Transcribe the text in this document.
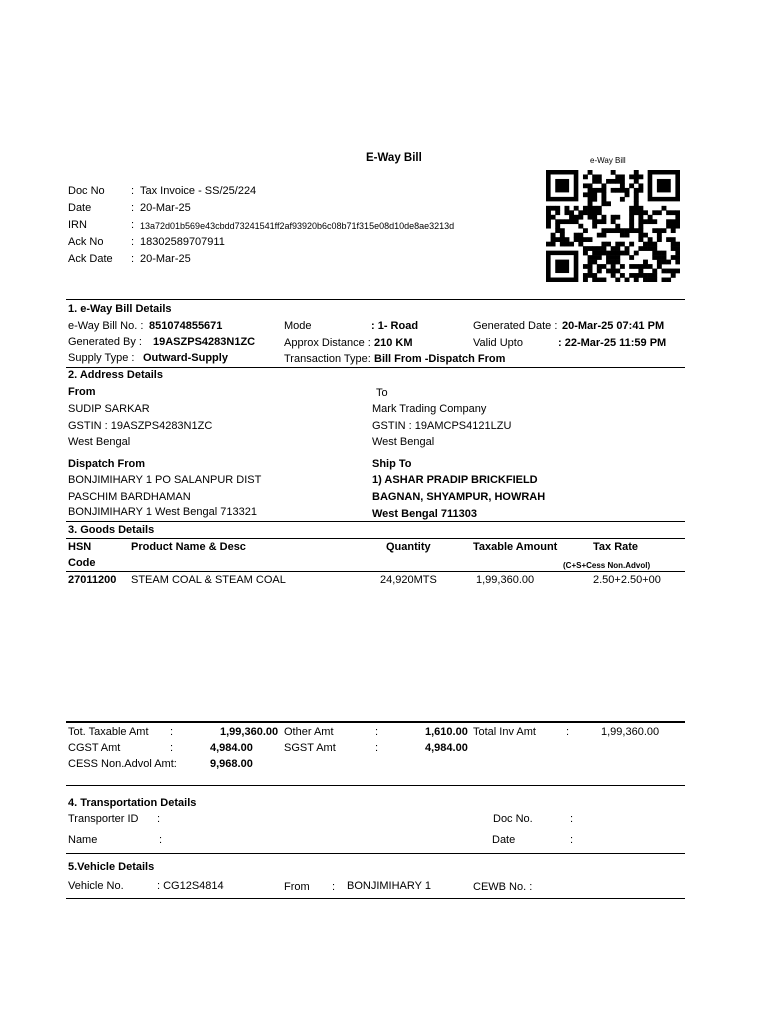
E-Way Bill	e-Way Bill
Doc No : Tax Invoice - SS/25/224
Date	: 20-Mar-25
IRN	: 13a72d01b569e43cbdd73241541ff2af93920b6c08b71f315e08d10de8ae3213d
Ack No	: 18302589707911
Ack Date : 20-Mar-25
1. e-Way Bill Details
e-Way Bill No. : 851074855671
Generated By : 19ASZPS4283N1ZC
Supply Type : Outward-Supply
Mode	: 1- Road
Approx Distance : 210 KM
Transaction Type: Bill From -Dispatch From
Generated Date : 20-Mar-25 07:41 PM
Valid Upto	: 22-Mar-25 11:59 PM
2. Address Details
From
SUDIP SARKAR
GSTIN : 19ASZPS4283N1ZC
West Bengal
To
Mark Trading Company
GSTIN : 19AMCPS4121LZU
West Bengal
Dispatch From
BONJIMIHARY 1 PO SALANPUR DIST
PASCHIM BARDHAMAN
BONJIMIHARY 1 West Bengal 713321
Ship To
1) ASHAR PRADIP BRICKFIELD
BAGNAN, SHYAMPUR, HOWRAH
West Bengal 711303
3. Goods Details
HSN
Code
Product Name & Desc	Quantity	Taxable Amount	Tax Rate
(C+S+Cess Non.Advol)
27011200 STEAM COAL & STEAM COAL	24,920MTS	1,99,360.00	2.50+2.50+00
Tot. Taxable Amt :	1,99,360.00 Other Amt	:	1,610.00 Total Inv Amt	:	1,99,360.00
CGST Amt	:	4,984.00	SGST Amt	:	4,984.00
CESS Non.Advol Amt:	9,968.00
4. Transportation Details
Transporter ID :
Name	:
Doc No.	:
Date	:
5.Vehicle Details
Vehicle No.	: CG12S4814	From : BONJIMIHARY 1	CEWB No. :
